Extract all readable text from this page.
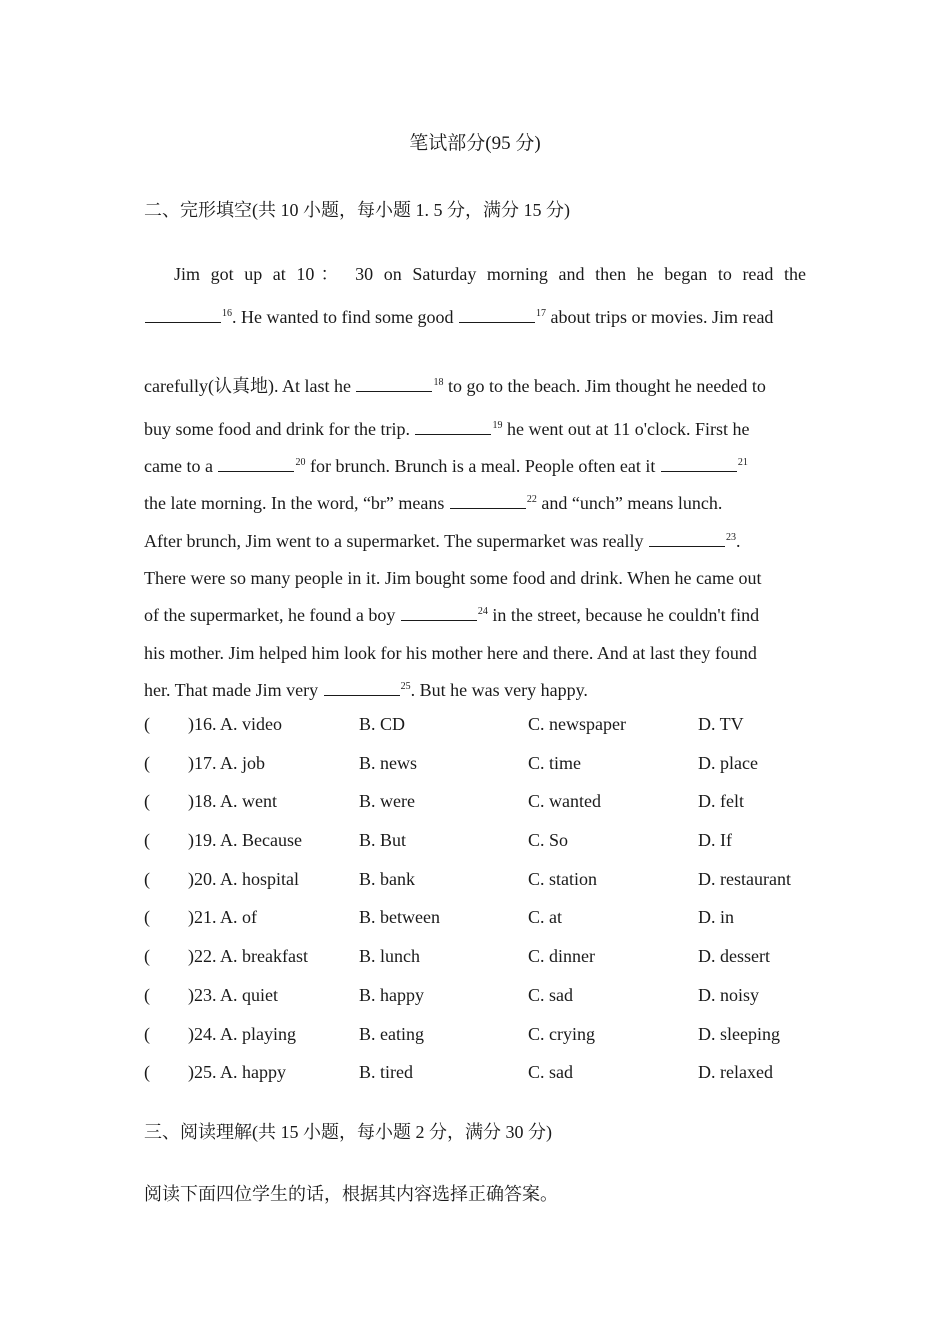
笔试部分(95 分)
二、完形填空(共 10 小题，每小题 1. 5 分，满分 15 分)
Jim got up at 10： 30 on Saturday morning and then he began to read the
$^{16}$. He wanted to find some good	$^{17}$ about trips or movies. Jim read
carefully(认真地). At last he	$^{18}$ to go to the beach. Jim thought he needed to
buy some food and drink for the trip.	$^{19}$ he went out at 11 o'clock. First he
came to a	$^{20}$ for brunch. Brunch is a meal. People often eat it	$^{21}$
the late morning. In the word, “br” means	$^{22}$ and “unch” means lunch.
After brunch, Jim went to a supermarket. The supermarket was really	$^{23}$.
There were so many people in it. Jim bought some food and drink. When he came out
of the supermarket, he found a boy	$^{24}$ in the street, because he couldn't find
his mother. Jim helped him look for his mother here and there. And at last they found
her. That made Jim very	$^{25}$. But he was very happy.
( )16. A. video	B. CD	C. newspaper	D. TV
( )17. A. job	B. news	C. time	D. place
( )18. A. went	B. were	C. wanted	D. felt
( )19. A. Because	B. But	C. So	D. If
( )20. A. hospital	B. bank	C. station	D. restaurant
( )21. A. of	B. between	C. at	D. in
( )22. A. breakfast	B. lunch	C. dinner	D. dessert
( )23. A. quiet	B. happy	C. sad	D. noisy
( )24. A. playing	B. eating	C. crying	D. sleeping
( )25. A. happy	B. tired	C. sad	D. relaxed
三、阅读理解(共 15 小题，每小题 2 分，满分 30 分)
阅读下面四位学生的话，根据其内容选择正确答案。
